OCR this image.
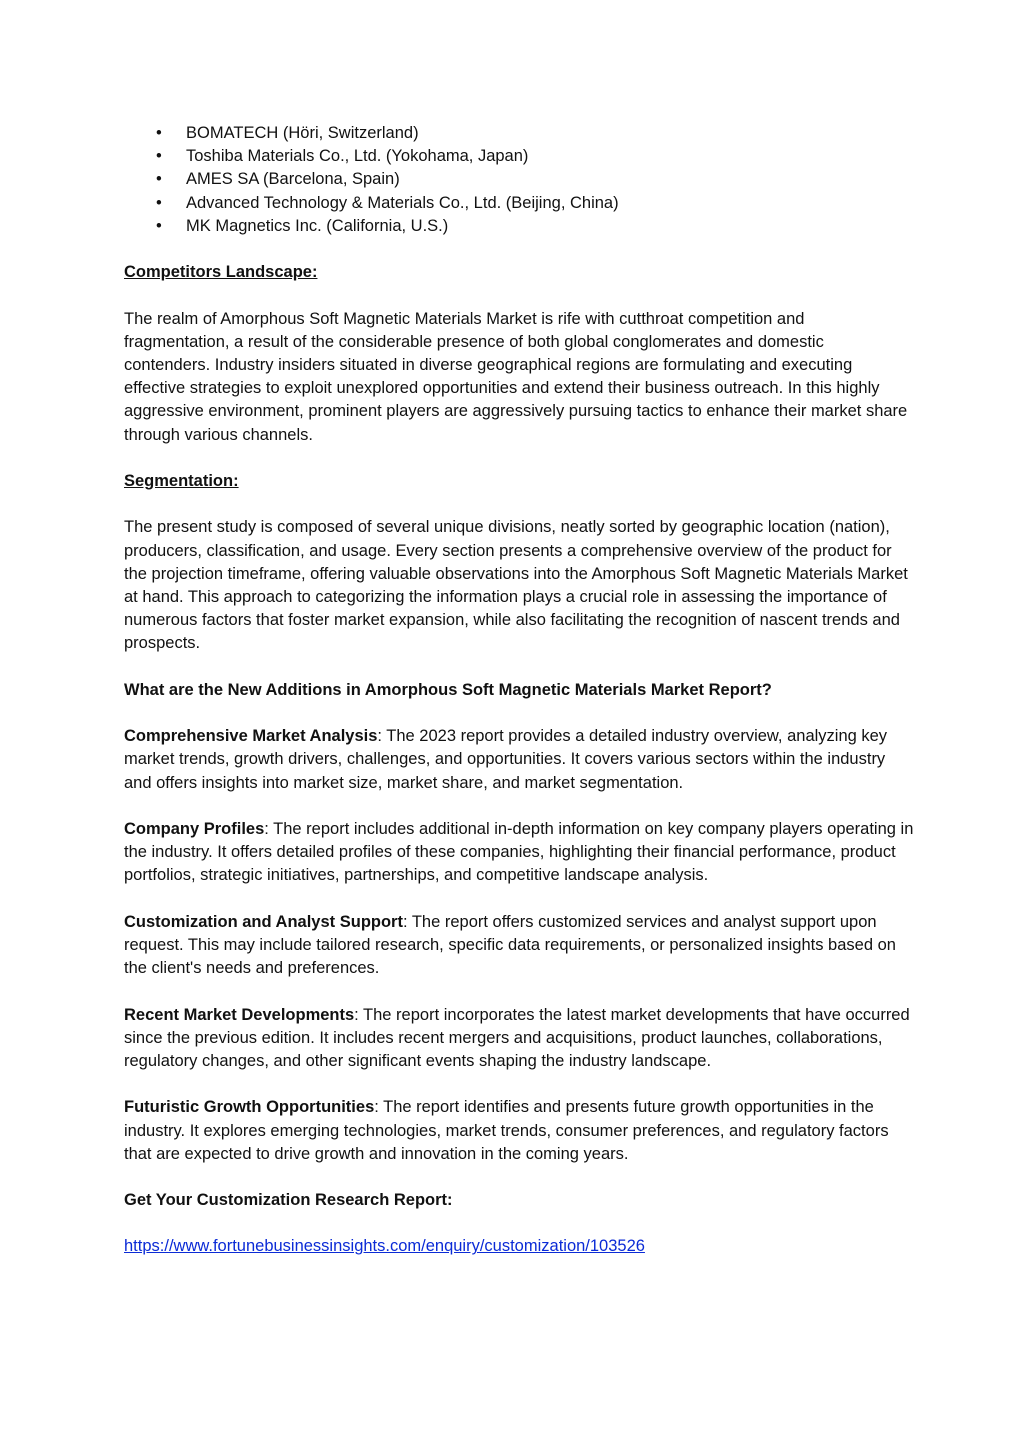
• BOMATECH (Höri, Switzerland)
• Toshiba Materials Co., Ltd. (Yokohama, Japan)
• AMES SA (Barcelona, Spain)
• Advanced Technology & Materials Co., Ltd. (Beijing, China)
• MK Magnetics Inc. (California, U.S.)

Competitors Landscape:

The realm of Amorphous Soft Magnetic Materials Market is rife with cutthroat competition and fragmentation, a result of the considerable presence of both global conglomerates and domestic contenders. Industry insiders situated in diverse geographical regions are formulating and executing effective strategies to exploit unexplored opportunities and extend their business outreach. In this highly aggressive environment, prominent players are aggressively pursuing tactics to enhance their market share through various channels.

Segmentation:

The present study is composed of several unique divisions, neatly sorted by geographic location (nation), producers, classification, and usage. Every section presents a comprehensive overview of the product for the projection timeframe, offering valuable observations into the Amorphous Soft Magnetic Materials Market at hand. This approach to categorizing the information plays a crucial role in assessing the importance of numerous factors that foster market expansion, while also facilitating the recognition of nascent trends and prospects.

What are the New Additions in Amorphous Soft Magnetic Materials Market Report?

Comprehensive Market Analysis: The 2023 report provides a detailed industry overview, analyzing key market trends, growth drivers, challenges, and opportunities. It covers various sectors within the industry and offers insights into market size, market share, and market segmentation.

Company Profiles: The report includes additional in-depth information on key company players operating in the industry. It offers detailed profiles of these companies, highlighting their financial performance, product portfolios, strategic initiatives, partnerships, and competitive landscape analysis.

Customization and Analyst Support: The report offers customized services and analyst support upon request. This may include tailored research, specific data requirements, or personalized insights based on the client's needs and preferences.

Recent Market Developments: The report incorporates the latest market developments that have occurred since the previous edition. It includes recent mergers and acquisitions, product launches, collaborations, regulatory changes, and other significant events shaping the industry landscape.

Futuristic Growth Opportunities: The report identifies and presents future growth opportunities in the industry. It explores emerging technologies, market trends, consumer preferences, and regulatory factors that are expected to drive growth and innovation in the coming years.

Get Your Customization Research Report:

https://www.fortunebusinessinsights.com/enquiry/customization/103526
